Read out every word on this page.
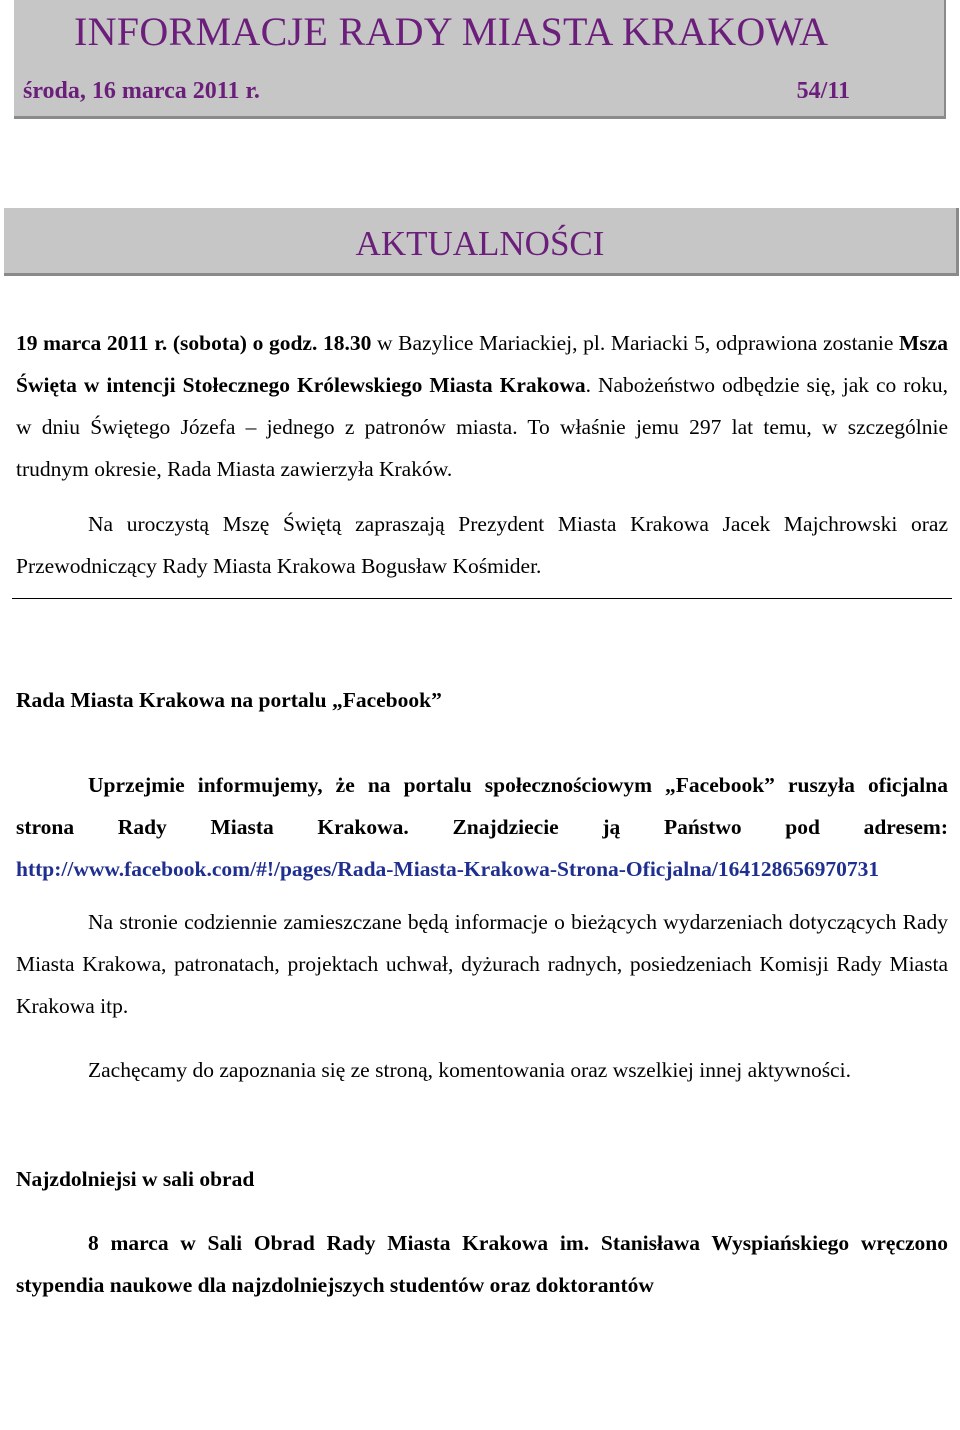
INFORMACJE RADY MIASTA KRAKOWA
środa, 16 marca 2011 r.	54/11
AKTUALNOŚCI

19 marca 2011 r. (sobota) o godz. 18.30 w Bazylice Mariackiej, pl. Mariacki 5, odprawiona zostanie Msza Święta w intencji Stołecznego Królewskiego Miasta Krakowa. Nabożeństwo odbędzie się, jak co roku, w dniu Świętego Józefa – jednego z patronów miasta. To właśnie jemu 297 lat temu, w szczególnie trudnym okresie, Rada Miasta zawierzyła Kraków.

Na uroczystą Mszę Świętą zapraszają Prezydent Miasta Krakowa Jacek Majchrowski oraz Przewodniczący Rady Miasta Krakowa Bogusław Kośmider.

Rada Miasta Krakowa na portalu „Facebook”

Uprzejmie informujemy, że na portalu społecznościowym „Facebook” ruszyła oficjalna strona Rady Miasta Krakowa. Znajdziecie ją Państwo pod adresem: http://www.facebook.com/#!/pages/Rada-Miasta-Krakowa-Strona-Oficjalna/164128656970731

Na stronie codziennie zamieszczane będą informacje o bieżących wydarzeniach dotyczących Rady Miasta Krakowa, patronatach, projektach uchwał, dyżurach radnych, posiedzeniach Komisji Rady Miasta Krakowa itp.

Zachęcamy do zapoznania się ze stroną, komentowania oraz wszelkiej innej aktywności.

Najzdolniejsi w sali obrad

8 marca w Sali Obrad Rady Miasta Krakowa im. Stanisława Wyspiańskiego wręczono stypendia naukowe dla najzdolniejszych studentów oraz doktorantów
